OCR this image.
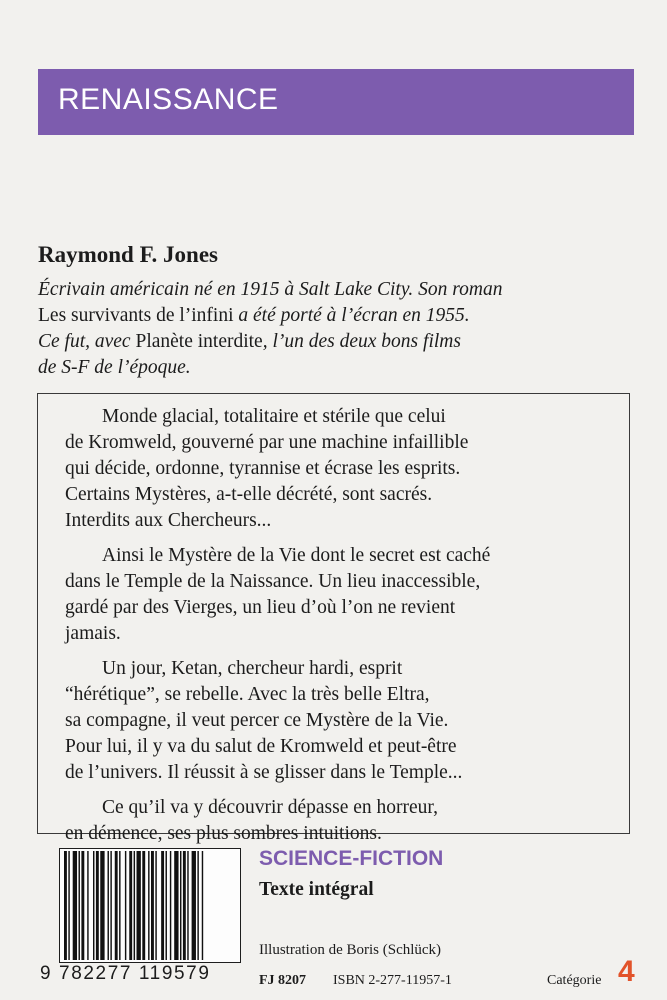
RENAISSANCE
Raymond F. Jones
Écrivain américain né en 1915 à Salt Lake City. Son roman
Les survivants de l’infini a été porté à l’écran en 1955.
Ce fut, avec Planète interdite, l’un des deux bons films
de S-F de l’époque.
Monde glacial, totalitaire et stérile que celui
de Kromweld, gouverné par une machine infaillible
qui décide, ordonne, tyrannise et écrase les esprits.
Certains Mystères, a-t-elle décrété, sont sacrés.
Interdits aux Chercheurs...
Ainsi le Mystère de la Vie dont le secret est caché
dans le Temple de la Naissance. Un lieu inaccessible,
gardé par des Vierges, un lieu d’où l’on ne revient
jamais.
Un jour, Ketan, chercheur hardi, esprit
“hérétique”, se rebelle. Avec la très belle Eltra,
sa compagne, il veut percer ce Mystère de la Vie.
Pour lui, il y va du salut de Kromweld et peut-être
de l’univers. Il réussit à se glisser dans le Temple...
Ce qu’il va y découvrir dépasse en horreur,
en démence, ses plus sombres intuitions.
9 782277 119579
SCIENCE-FICTION
Texte intégral
Illustration de Boris (Schlück)
FJ 8207 ISBN 2-277-11957-1	Catégorie 4
